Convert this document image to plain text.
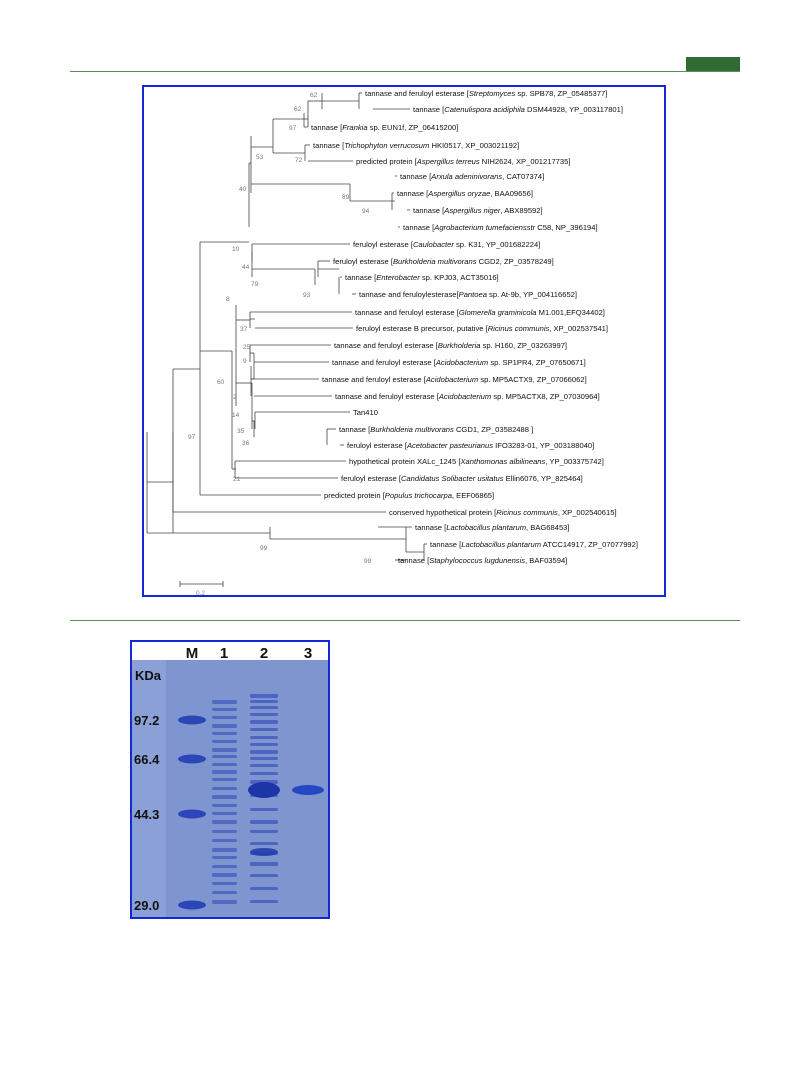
tannase and feruloyl esterase [Streptomyces sp. SPB78, ZP_05485377]
tannase [Catenulispora acidiphila DSM44928, YP_003117801]
tannase [Frankia sp. EUN1f, ZP_06415200]
tannase [Trichophyton verrucosum HKI0517, XP_003021192]
predicted protein [Aspergillus terreus NIH2624, XP_001217735]
tannase [Arxula adeninivorans, CAT07374]
tannase [Aspergillus oryzae, BAA09656]
tannase [Aspergillus niger, ABX89592]
tannase [Agrobacterium tumefaciensstr C58, NP_396194]
feruloyl esterase [Caulobacter sp. K31, YP_001682224]
feruloyl esterase [Burkholderia multivorans CGD2, ZP_03578249]
tannase [Enterobacter sp. KPJ03, ACT35016]
tannase and feruloylesterase[Pantoea sp. At-9b, YP_004116652]
tannase and feruloyl esterase [Glomerella graminicola M1.001,EFQ34402]
feruloyl esterase B precursor, putative [Ricinus communis, XP_002537541]
tannase and feruloyl esterase [Burkholderia sp. H160, ZP_03263997]
tannase and feruloyl esterase [Acidobacterium sp. SP1PR4, ZP_07650671]
tannase and feruloyl esterase [Acidobacterium sp. MP5ACTX9, ZP_07066062]
tannase and feruloyl esterase [Acidobacterium sp. MP5ACTX8, ZP_07030964]
Tan410
tannase [Burkholderia multivorans CGD1, ZP_03582488 ]
feruloyl esterase [Acetobacter pasteurianus IFO3283-01, YP_003188040]
hypothetical protein XALc_1245 [Xanthomonas albilineans, YP_003375742]
feruloyl esterase [Candidatus Solibacter usitatus Ellin6076, YP_825464]
predicted protein [Populus trichocarpa, EEF06865]
conserved hypothetical protein [Ricinus communis, XP_002540615]
tannase [Lactobacillus plantarum, BAG68453]
tannase [Lactobacillus plantarum ATCC14917, ZP_07077992]
tannase [Staphylococcus lugdunensis, BAF03594]
62
62
97
53	72
40
89
94
10
44
79
93
8
37
25
9
60
2
14
35
36
97
21
99
99
0.2
M 1 2 3
KDa
97.2
66.4
44.3
29.0
